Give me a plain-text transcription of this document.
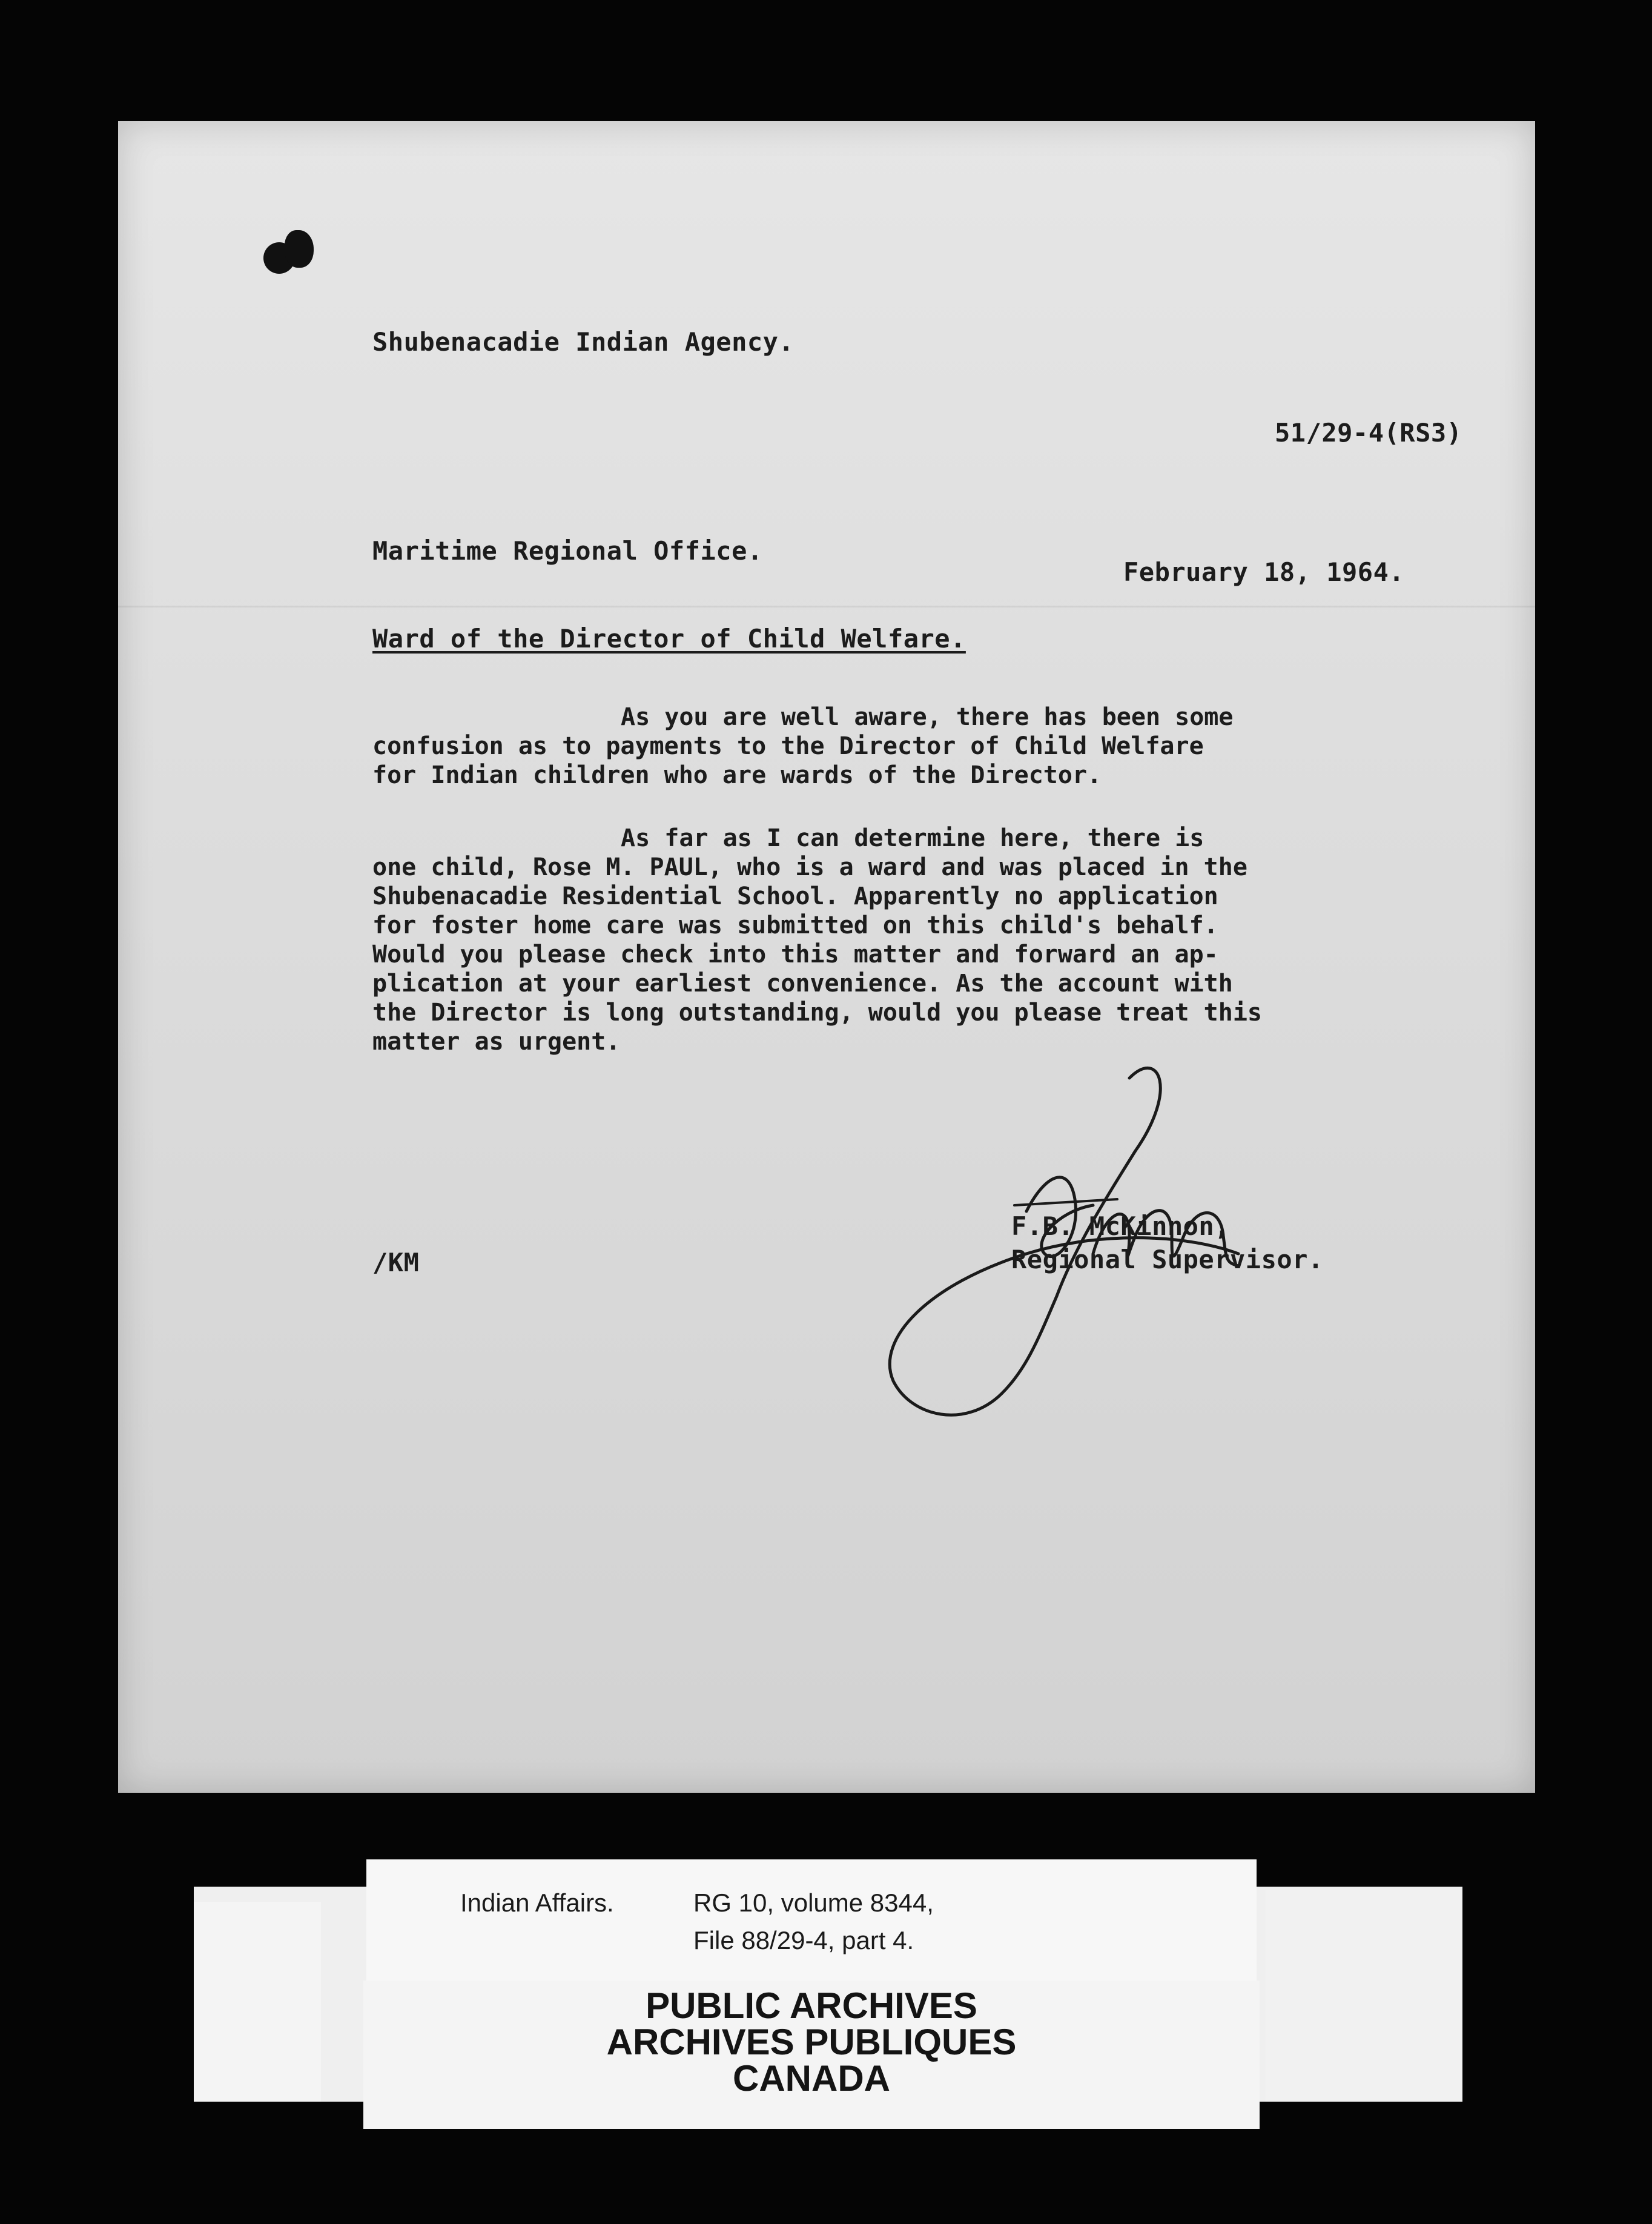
Shubenacadie Indian Agency.
51/29-4(RS3)
Maritime Regional Office.
February 18, 1964.
Ward of the Director of Child Welfare.
As you are well aware, there has been some
confusion as to payments to the Director of Child Welfare
for Indian children who are wards of the Director.
As far as I can determine here, there is
one child, Rose M. PAUL, who is a ward and was placed in the
Shubenacadie Residential School. Apparently no application
for foster home care was submitted on this child's behalf.
Would you please check into this matter and forward an ap-
plication at your earliest convenience. As the account with
the Director is long outstanding, would you please treat this
matter as urgent.
F.B. McKinnon,
Regional Supervisor.
/KM
Indian Affairs.	RG 10, volume 8344,
File 88/29-4, part 4.
PUBLIC ARCHIVES
ARCHIVES PUBLIQUES
CANADA
